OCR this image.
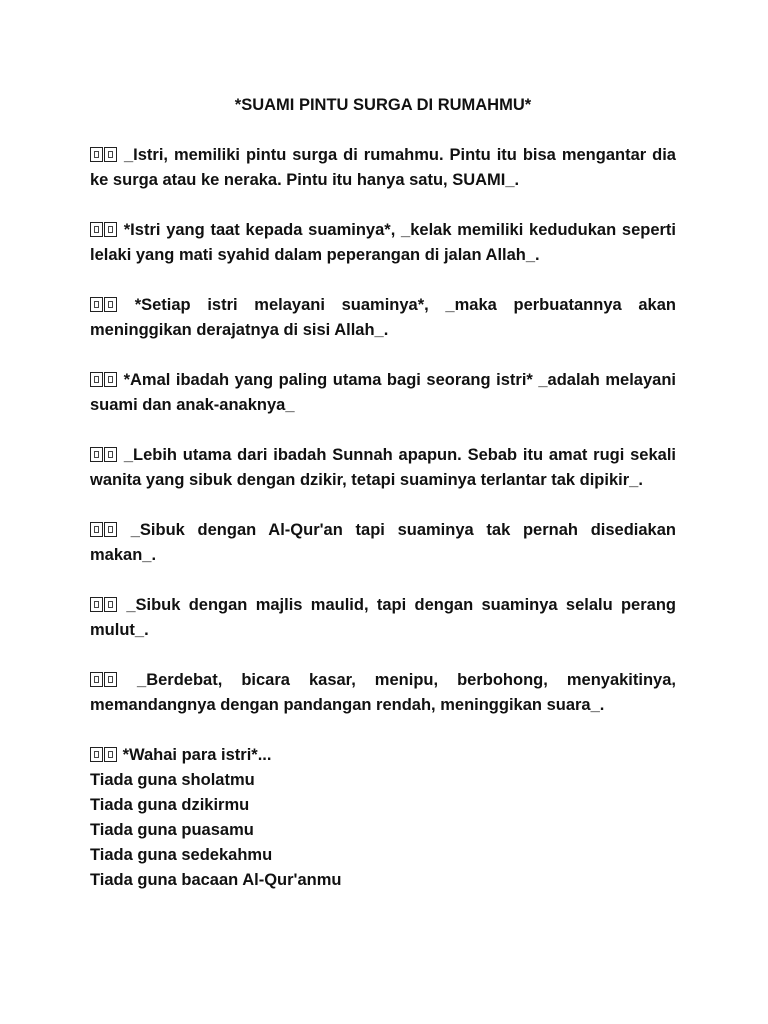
*SUAMI PINTU SURGA DI RUMAHMU*
_Istri, memiliki pintu surga di rumahmu. Pintu itu bisa mengantar dia ke surga atau ke neraka. Pintu itu hanya satu, SUAMI_.
*Istri yang taat kepada suaminya*, _kelak memiliki kedudukan seperti lelaki yang mati syahid dalam peperangan di jalan Allah_.
*Setiap istri melayani suaminya*, _maka perbuatannya akan meninggikan derajatnya di sisi Allah_.
*Amal ibadah yang paling utama bagi seorang istri* _adalah melayani suami dan anak-anaknya_
_Lebih utama dari ibadah Sunnah apapun. Sebab itu amat rugi sekali wanita yang sibuk dengan dzikir, tetapi suaminya terlantar tak dipikir_.
_Sibuk dengan Al-Qur'an tapi suaminya tak pernah disediakan makan_.
_Sibuk dengan majlis maulid, tapi dengan suaminya selalu perang mulut_.
_Berdebat, bicara kasar, menipu, berbohong, menyakitinya, memandangnya dengan pandangan rendah, meninggikan suara_.
*Wahai para istri*...
Tiada guna sholatmu
Tiada guna dzikirmu
Tiada guna puasamu
Tiada guna sedekahmu
Tiada guna bacaan Al-Qur'anmu
